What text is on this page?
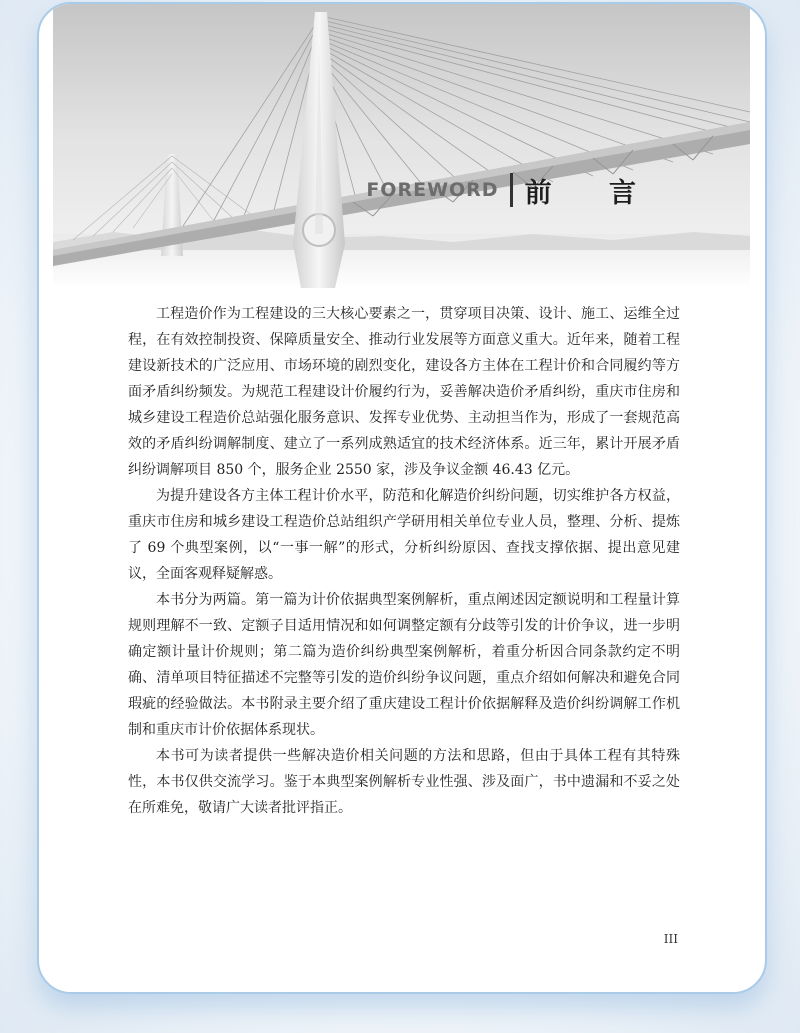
FOREWORD 前 言

工程造价作为工程建设的三大核心要素之一，贯穿项目决策、设计、施工、运维全过程，在有效控制投资、保障质量安全、推动行业发展等方面意义重大。近年来，随着工程建设新技术的广泛应用、市场环境的剧烈变化，建设各方主体在工程计价和合同履约等方面矛盾纠纷频发。为规范工程建设计价履约行为，妥善解决造价矛盾纠纷，重庆市住房和城乡建设工程造价总站强化服务意识、发挥专业优势、主动担当作为，形成了一套规范高效的矛盾纠纷调解制度、建立了一系列成熟适宜的技术经济体系。近三年，累计开展矛盾纠纷调解项目 850 个，服务企业 2550 家，涉及争议金额 46.43 亿元。

为提升建设各方主体工程计价水平，防范和化解造价纠纷问题，切实维护各方权益，重庆市住房和城乡建设工程造价总站组织产学研用相关单位专业人员，整理、分析、提炼了 69 个典型案例，以“一事一解”的形式，分析纠纷原因、查找支撑依据、提出意见建议，全面客观释疑解惑。

本书分为两篇。第一篇为计价依据典型案例解析，重点阐述因定额说明和工程量计算规则理解不一致、定额子目适用情况和如何调整定额有分歧等引发的计价争议，进一步明确定额计量计价规则；第二篇为造价纠纷典型案例解析，着重分析因合同条款约定不明确、清单项目特征描述不完整等引发的造价纠纷争议问题，重点介绍如何解决和避免合同瑕疵的经验做法。本书附录主要介绍了重庆建设工程计价依据解释及造价纠纷调解工作机制和重庆市计价依据体系现状。

本书可为读者提供一些解决造价相关问题的方法和思路，但由于具体工程有其特殊性，本书仅供交流学习。鉴于本典型案例解析专业性强、涉及面广，书中遗漏和不妥之处在所难免，敬请广大读者批评指正。

III
